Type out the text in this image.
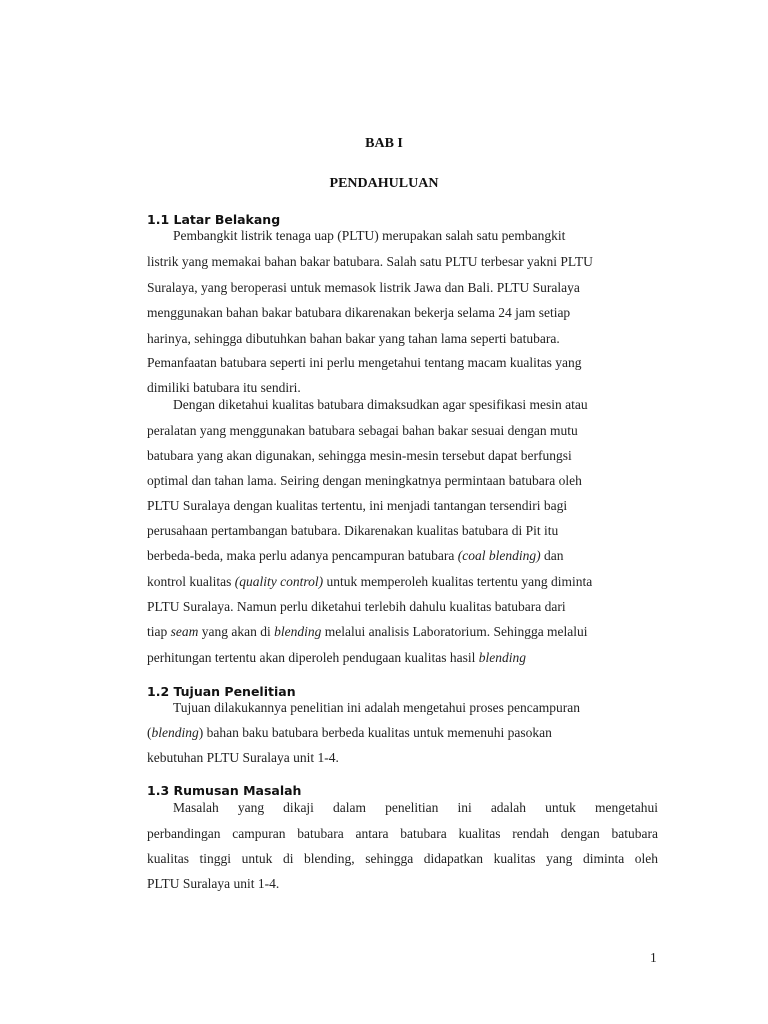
BAB I
PENDAHULUAN
1.1 Latar Belakang
Pembangkit listrik tenaga uap (PLTU) merupakan salah satu pembangkit
listrik yang memakai bahan bakar batubara. Salah satu PLTU terbesar yakni PLTU
Suralaya, yang beroperasi untuk memasok listrik Jawa dan Bali. PLTU Suralaya
menggunakan bahan bakar batubara dikarenakan bekerja selama 24 jam setiap
harinya, sehingga dibutuhkan bahan bakar yang tahan lama seperti batubara.
Pemanfaatan batubara seperti ini perlu mengetahui tentang macam kualitas yang
dimiliki batubara itu sendiri.
Dengan diketahui kualitas batubara dimaksudkan agar spesifikasi mesin atau
peralatan yang menggunakan batubara sebagai bahan bakar sesuai dengan mutu
batubara yang akan digunakan, sehingga mesin-mesin tersebut dapat berfungsi
optimal dan tahan lama. Seiring dengan meningkatnya permintaan batubara oleh
PLTU Suralaya dengan kualitas tertentu, ini menjadi tantangan tersendiri bagi
perusahaan pertambangan batubara. Dikarenakan kualitas batubara di Pit itu
berbeda-beda, maka perlu adanya pencampuran batubara (coal blending) dan
kontrol kualitas (quality control) untuk memperoleh kualitas tertentu yang diminta
PLTU Suralaya. Namun perlu diketahui terlebih dahulu kualitas batubara dari
tiap seam yang akan di blending melalui analisis Laboratorium. Sehingga melalui
perhitungan tertentu akan diperoleh pendugaan kualitas hasil blending
1.2 Tujuan Penelitian
Tujuan dilakukannya penelitian ini adalah mengetahui proses pencampuran
(blending) bahan baku batubara berbeda kualitas untuk memenuhi pasokan
kebutuhan PLTU Suralaya unit 1-4.
1.3 Rumusan Masalah
Masalah yang dikaji dalam penelitian ini adalah untuk mengetahui
perbandingan campuran batubara antara batubara kualitas rendah dengan batubara
kualitas tinggi untuk di blending, sehingga didapatkan kualitas yang diminta oleh
PLTU Suralaya unit 1-4.
1
